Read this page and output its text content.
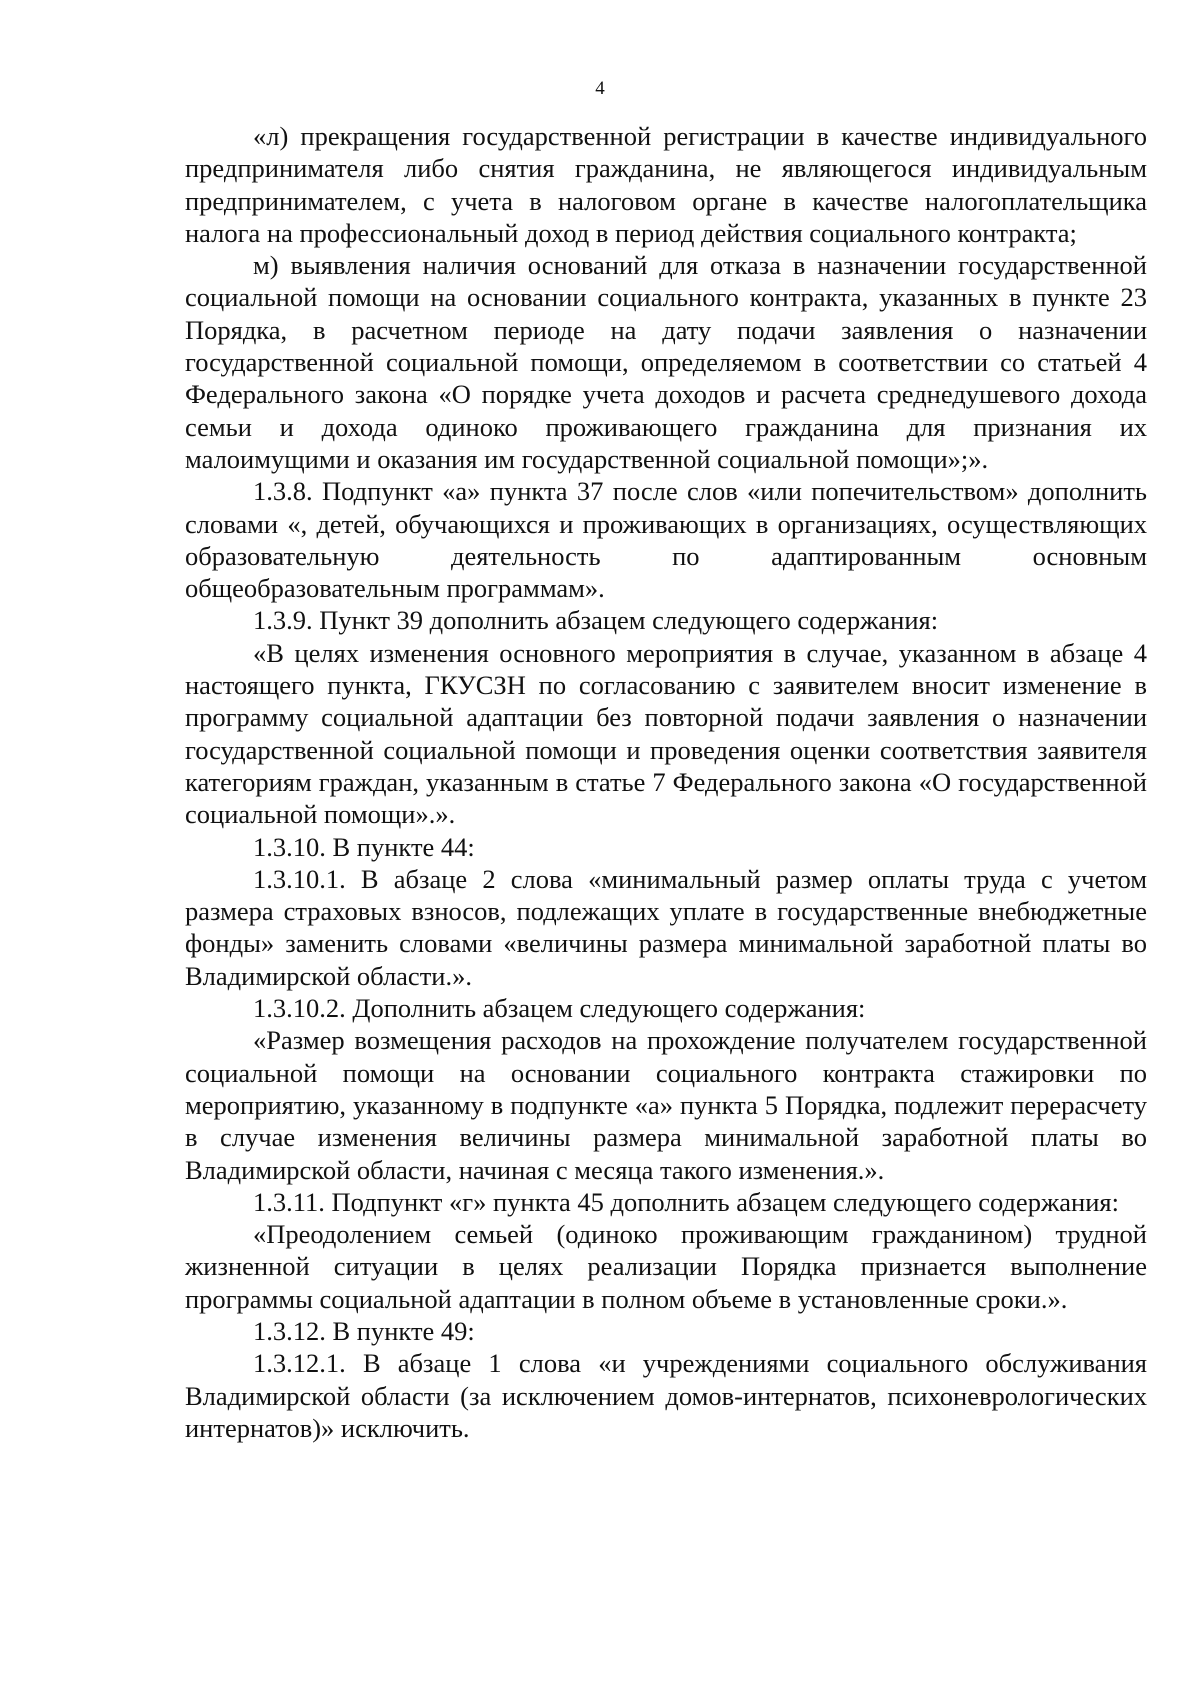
4

«л) прекращения государственной регистрации в качестве индивидуального предпринимателя либо снятия гражданина, не являющегося индивидуальным предпринимателем, с учета в налоговом органе в качестве налогоплательщика налога на профессиональный доход в период действия социального контракта;

м) выявления наличия оснований для отказа в назначении государственной социальной помощи на основании социального контракта, указанных в пункте 23 Порядка, в расчетном периоде на дату подачи заявления о назначении государственной социальной помощи, определяемом в соответствии со статьей 4 Федерального закона «О порядке учета доходов и расчета среднедушевого дохода семьи и дохода одиноко проживающего гражданина для признания их малоимущими и оказания им государственной социальной помощи»;».

1.3.8. Подпункт «а» пункта 37 после слов «или попечительством» дополнить словами «, детей, обучающихся и проживающих в организациях, осуществляющих образовательную деятельность по адаптированным основным общеобразовательным программам».

1.3.9. Пункт 39 дополнить абзацем следующего содержания:

«В целях изменения основного мероприятия в случае, указанном в абзаце 4 настоящего пункта, ГКУСЗН по согласованию с заявителем вносит изменение в программу социальной адаптации без повторной подачи заявления о назначении государственной социальной помощи и проведения оценки соответствия заявителя категориям граждан, указанным в статье 7 Федерального закона «О государственной социальной помощи».».

1.3.10. В пункте 44:

1.3.10.1. В абзаце 2 слова «минимальный размер оплаты труда с учетом размера страховых взносов, подлежащих уплате в государственные внебюджетные фонды» заменить словами «величины размера минимальной заработной платы во Владимирской области.».

1.3.10.2. Дополнить абзацем следующего содержания:

«Размер возмещения расходов на прохождение получателем государственной социальной помощи на основании социального контракта стажировки по мероприятию, указанному в подпункте «а» пункта 5 Порядка, подлежит перерасчету в случае изменения величины размера минимальной заработной платы во Владимирской области, начиная с месяца такого изменения.».

1.3.11. Подпункт «г» пункта 45 дополнить абзацем следующего содержания:

«Преодолением семьей (одиноко проживающим гражданином) трудной жизненной ситуации в целях реализации Порядка признается выполнение программы социальной адаптации в полном объеме в установленные сроки.».

1.3.12. В пункте 49:

1.3.12.1. В абзаце 1 слова «и учреждениями социального обслуживания Владимирской области (за исключением домов-интернатов, психоневрологических интернатов)» исключить.
